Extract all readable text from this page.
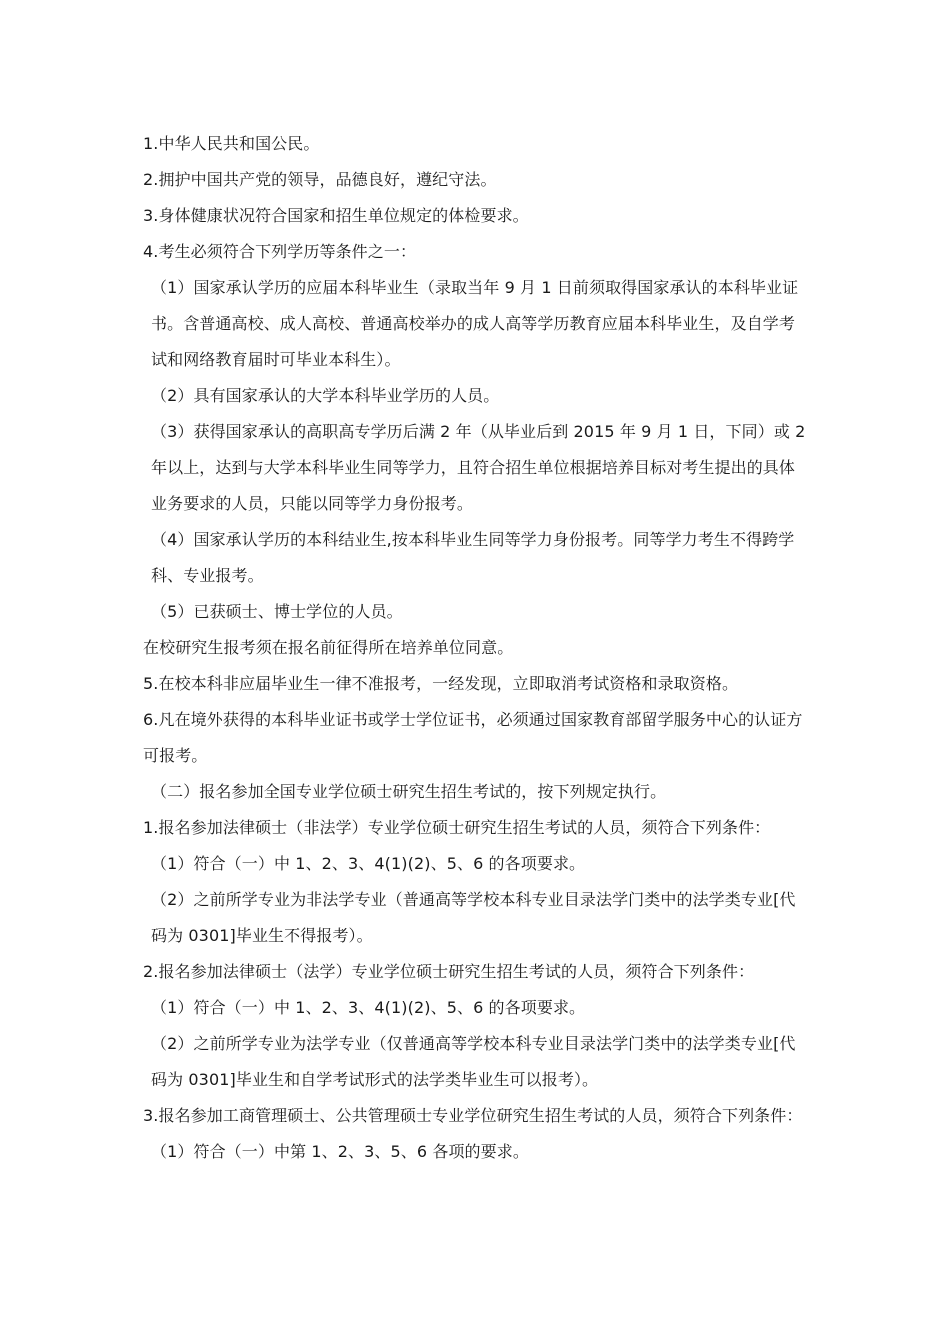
1.中华人民共和国公民。

2.拥护中国共产党的领导，品德良好，遵纪守法。

3.身体健康状况符合国家和招生单位规定的体检要求。

4.考生必须符合下列学历等条件之一：

（1）国家承认学历的应届本科毕业生（录取当年 9 月 1 日前须取得国家承认的本科毕业证书。含普通高校、成人高校、普通高校举办的成人高等学历教育应届本科毕业生，及自学考试和网络教育届时可毕业本科生）。

（2）具有国家承认的大学本科毕业学历的人员。

（3）获得国家承认的高职高专学历后满 2 年（从毕业后到 2015 年 9 月 1 日，下同）或 2 年以上，达到与大学本科毕业生同等学力，且符合招生单位根据培养目标对考生提出的具体业务要求的人员，只能以同等学力身份报考。

（4）国家承认学历的本科结业生,按本科毕业生同等学力身份报考。同等学力考生不得跨学科、专业报考。

（5）已获硕士、博士学位的人员。

在校研究生报考须在报名前征得所在培养单位同意。

5.在校本科非应届毕业生一律不准报考，一经发现，立即取消考试资格和录取资格。

6.凡在境外获得的本科毕业证书或学士学位证书，必须通过国家教育部留学服务中心的认证方可报考。

（二）报名参加全国专业学位硕士研究生招生考试的，按下列规定执行。

1.报名参加法律硕士（非法学）专业学位硕士研究生招生考试的人员，须符合下列条件：

（1）符合（一）中 1、2、3、4(1)(2)、5、6 的各项要求。

（2）之前所学专业为非法学专业（普通高等学校本科专业目录法学门类中的法学类专业[代码为 0301]毕业生不得报考）。

2.报名参加法律硕士（法学）专业学位硕士研究生招生考试的人员，须符合下列条件：

（1）符合（一）中 1、2、3、4(1)(2)、5、6 的各项要求。

（2）之前所学专业为法学专业（仅普通高等学校本科专业目录法学门类中的法学类专业[代码为 0301]毕业生和自学考试形式的法学类毕业生可以报考）。

3.报名参加工商管理硕士、公共管理硕士专业学位研究生招生考试的人员，须符合下列条件：

（1）符合（一）中第 1、2、3、5、6 各项的要求。
